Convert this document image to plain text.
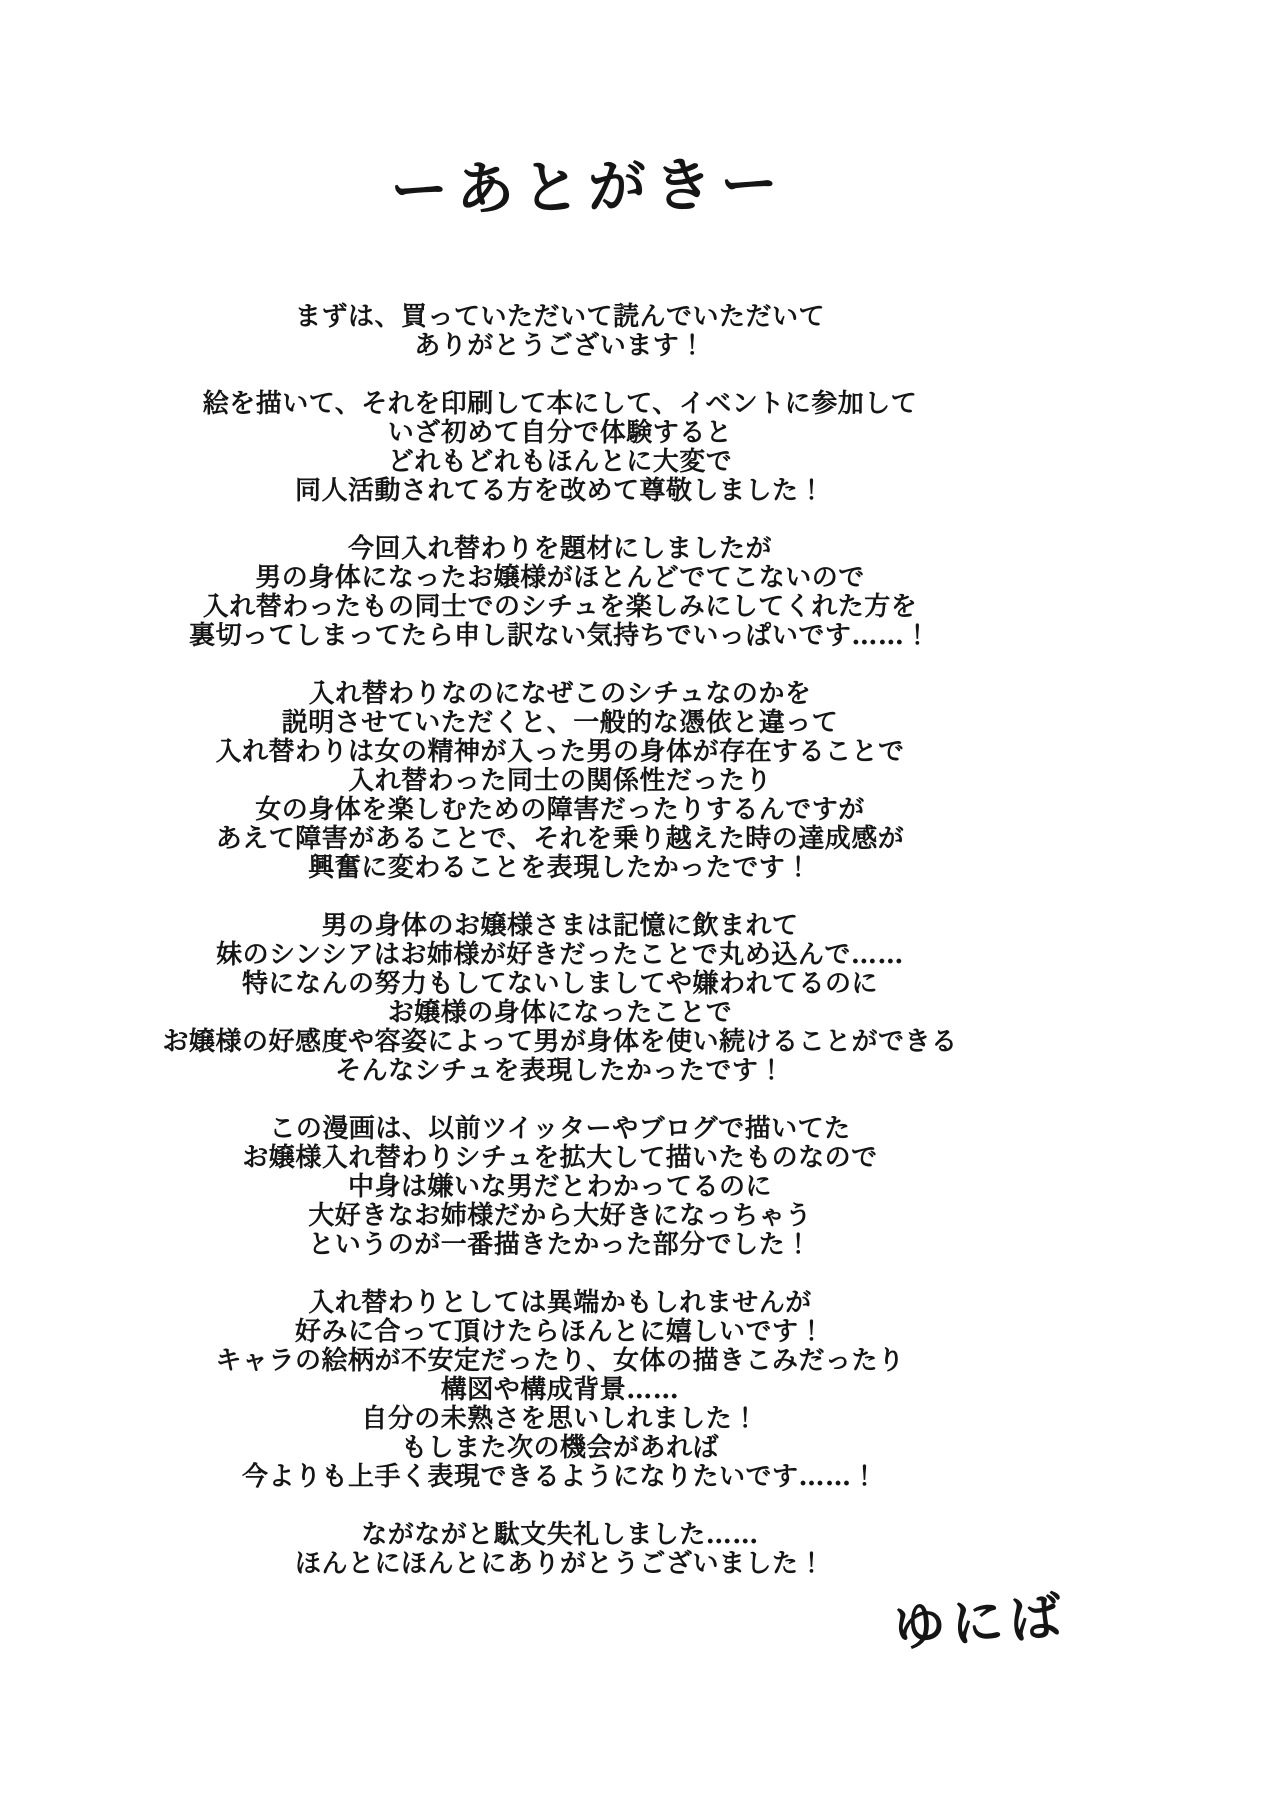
ーあとがきー

まずは、買っていただいて読んでいただいて
ありがとうございます！

絵を描いて、それを印刷して本にして、イベントに参加して
いざ初めて自分で体験すると
どれもどれもほんとに大変で
同人活動されてる方を改めて尊敬しました！

今回入れ替わりを題材にしましたが
男の身体になったお嬢様がほとんどでてこないので
入れ替わったもの同士でのシチュを楽しみにしてくれた方を
裏切ってしまってたら申し訳ない気持ちでいっぱいです……！

入れ替わりなのになぜこのシチュなのかを
説明させていただくと、一般的な憑依と違って
入れ替わりは女の精神が入った男の身体が存在することで
入れ替わった同士の関係性だったり
女の身体を楽しむための障害だったりするんですが
あえて障害があることで、それを乗り越えた時の達成感が
興奮に変わることを表現したかったです！

男の身体のお嬢様さまは記憶に飲まれて
妹のシンシアはお姉様が好きだったことで丸め込んで……
特になんの努力もしてないしましてや嫌われてるのに
お嬢様の身体になったことで
お嬢様の好感度や容姿によって男が身体を使い続けることができる
そんなシチュを表現したかったです！

この漫画は、以前ツイッターやブログで描いてた
お嬢様入れ替わりシチュを拡大して描いたものなので
中身は嫌いな男だとわかってるのに
大好きなお姉様だから大好きになっちゃう
というのが一番描きたかった部分でした！

入れ替わりとしては異端かもしれませんが
好みに合って頂けたらほんとに嬉しいです！
キャラの絵柄が不安定だったり、女体の描きこみだったり
構図や構成背景……
自分の未熟さを思いしれました！
もしまた次の機会があれば
今よりも上手く表現できるようになりたいです……！

ながながと駄文失礼しました……
ほんとにほんとにありがとうございました！

ゆにば
